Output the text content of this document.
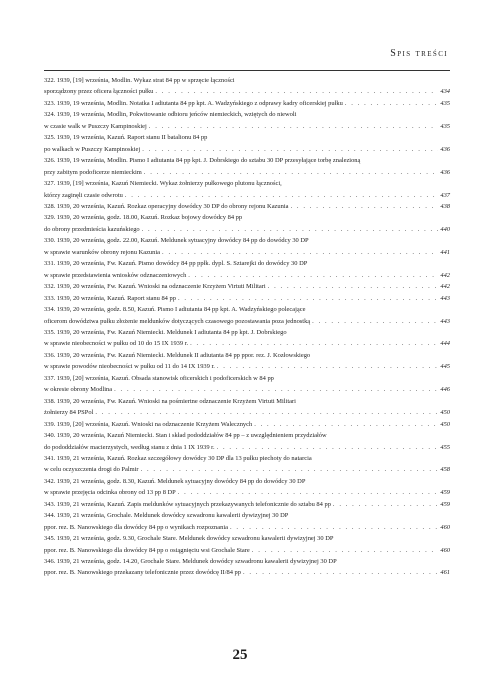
Spis treści
322. 1939, [19] września, Modlin. Wykaz strat 84 pp w sprzęcie łączności
sporządzony przez oficera łączności pułku . . .	434
323. 1939, 19 września, Modlin. Notatka I adiutanta 84 pp kpt. A. Wadzyńskiego z odprawy kadry oficerskiej pułku . . .	435
324. 1939, 19 września, Modlin, Pokwitowanie odbioru jeńców niemieckich, wziętych do niewoli
w czasie walk w Puszczy Kampinoskiej . . .	435
325. 1939, 19 września, Kazuń. Raport stanu II batalionu 84 pp
po walkach w Puszczy Kampinoskiej . . .	436
326. 1939, 19 września, Modlin. Pismo I adiutanta 84 pp kpt. J. Dobrskiego do sztabu 30 DP przesyłające torbę znalezioną
przy zabitym podoficerze niemieckim . . .	436
327. 1939, [19] września, Kazuń Niemiecki. Wykaz żołnierzy pułkowego plutonu łączności,
którzy zaginęli czasie odwrotu . . .	437
328. 1939, 20 września, Kazuń. Rozkaz operacyjny dowódcy 30 DP do obrony rejonu Kazunia . . .	438
329. 1939, 20 września, godz. 18.00, Kazuń. Rozkaz bojowy dowódcy 84 pp
do obrony przedmieścia kazuńskiego . . .	440
330. 1939, 20 września, godz. 22.00, Kazuń. Meldunek sytuacyjny dowódcy 84 pp do dowódcy 30 DP
w sprawie warunków obrony rejonu Kazunia . . .	441
331. 1939, 20 września, Fw. Kazuń. Pismo dowódcy 84 pp ppłk. dypl. S. Sztarejki do dowódcy 30 DP
w sprawie przedstawienia wniosków odznaczeniowych . . .	442
332. 1939, 20 września, Fw. Kazuń. Wnioski na odznaczenie Krzyżem Virtuti Militari . . .	442
333. 1939, 20 września, Kazuń. Raport stanu 84 pp . . .	443
334. 1939, 20 września, godz. 8.50, Kazuń. Pismo I adiutanta 84 pp kpt. A. Wadzyńskiego polecające
oficerom dowództwa pułku złożenie meldunków dotyczących czasowego pozostawania poza jednostką . . .	443
335. 1939, 20 września, Fw. Kazuń Niemiecki. Meldunek I adiutanta 84 pp kpt. J. Dobrskiego
w sprawie nieobecności w pułku od 10 do 15 IX 1939 r. . . .	444
336. 1939, 20 września, Fw. Kazuń Niemiecki. Meldunek II adiutanta 84 pp ppor. rez. J. Kozłowskiego
w sprawie powodów nieobecności w pułku od 11 do 14 IX 1939 r. . . .	445
337. 1939, [20] września, Kazuń. Obsada stanowisk oficerskich i podoficerskich w 84 pp
w okresie obrony Modlina . . .	446
338. 1939, 20 września, Fw. Kazuń. Wnioski na pośmiertne odznaczenie Krzyżem Virtuti Militari
żołnierzy 84 PSPol . . .	450
339. 1939, [20] września, Kazuń. Wnioski na odznaczenie Krzyżem Walecznych . . .	450
340. 1939, 20 września, Kazuń Niemiecki. Stan i skład pododdziałów 84 pp – z uwzględnieniem przydziałów
do pododdziałów macierzystych, według stanu z dnia 1 IX 1939 r. . . .	455
341. 1939, 21 września, Kazuń. Rozkaz szczegółowy dowódcy 30 DP dla 13 pułku piechoty do natarcia
w celu oczyszczenia drogi do Palmir . . .	458
342. 1939, 21 września, godz. 8.30, Kazuń. Meldunek sytuacyjny dowódcy 84 pp do dowódcy 30 DP
w sprawie przejęcia odcinka obrony od 13 pp 8 DP . . .	459
343. 1939, 21 września, Kazuń. Zapis meldunków sytuacyjnych przekazywanych telefonicznie do sztabu 84 pp . . .	459
344. 1939, 21 września, Grochale. Meldunek dowódcy szwadronu kawalerii dywizyjnej 30 DP
ppor. rez. B. Nanowskiego dla dowódcy 84 pp o wynikach rozpoznania . . .	460
345. 1939, 21 września, godz. 9.30, Grochale Stare. Meldunek dowódcy szwadronu kawalerii dywizyjnej 30 DP
ppor. rez. B. Nanowskiego dla dowódcy 84 pp o osiągnięciu wsi Grochale Stare . . .	460
346. 1939, 21 września, godz. 14.20, Grochale Stare. Meldunek dowódcy szwadronu kawalerii dywizyjnej 30 DP
ppor. rez. B. Nanowskiego przekazany telefonicznie przez dowódcę II/84 pp . . .	461
25
